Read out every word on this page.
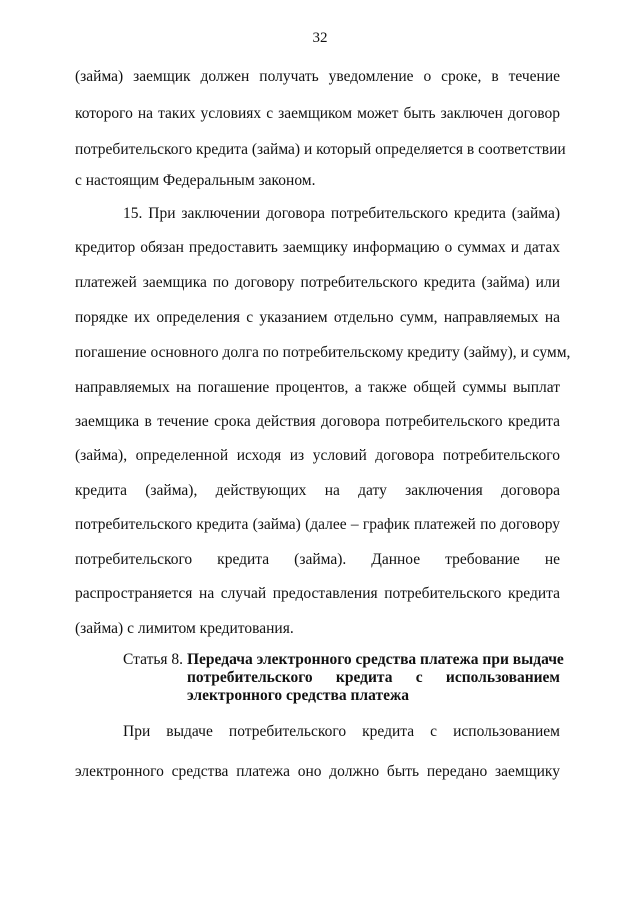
32
(займа) заемщик должен получать уведомление о сроке, в течение
которого на таких условиях с заемщиком может быть заключен договор
потребительского кредита (займа) и который определяется в соответствии
с настоящим Федеральным законом.
15. При заключении договора потребительского кредита (займа)
кредитор обязан предоставить заемщику информацию о суммах и датах
платежей заемщика по договору потребительского кредита (займа) или
порядке их определения с указанием отдельно сумм, направляемых на
погашение основного долга по потребительскому кредиту (займу), и сумм,
направляемых на погашение процентов, а также общей суммы выплат
заемщика в течение срока действия договора потребительского кредита
(займа), определенной исходя из условий договора потребительского
кредита (займа), действующих на дату заключения договора
потребительского кредита (займа) (далее – график платежей по договору
потребительского кредита (займа). Данное требование не
распространяется на случай предоставления потребительского кредита
(займа) с лимитом кредитования.
Статья 8. Передача электронного средства платежа при выдаче
потребительского кредита с использованием
электронного средства платежа
При выдаче потребительского кредита с использованием
электронного средства платежа оно должно быть передано заемщику
